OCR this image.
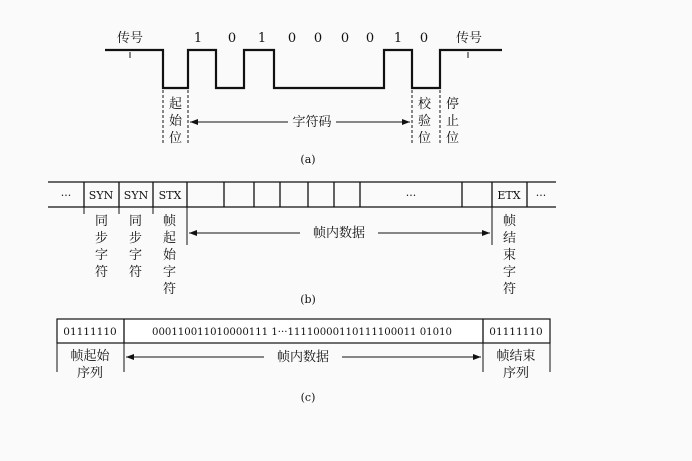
传号	传号
1 0 1 0 0 0 0 1 0
起
始
位
校
验
位
停
止
位
字符码
(a)
··· SYN SYN STX	···	ETX ···
同
步
字
符
同
步
字
符
帧
起
始
字
符
帧
结
束
字
符
帧内数据
(b)
01111110	000110011010000111 1···11110000110111100011 01010	01111110
帧起始
序列
帧结束
序列
帧内数据
(c)
